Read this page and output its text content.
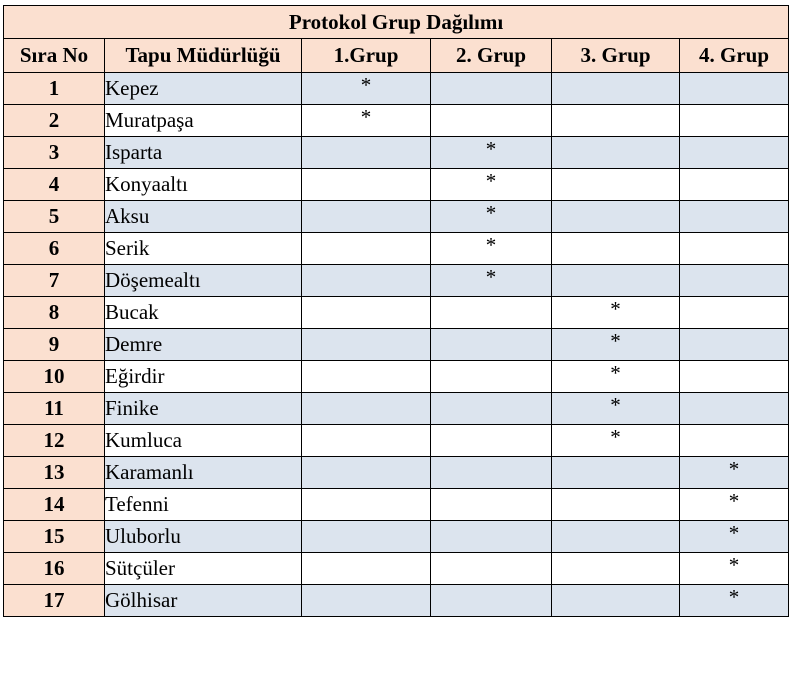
Protokol Grup Dağılımı					
Sıra No	Tapu Müdürlüğü	1.Grup	2. Grup	3. Grup	4. Grup
1	Kepez	*			
2	Muratpaşa	*			
3	Isparta		*		
4	Konyaaltı		*		
5	Aksu		*		
6	Serik		*		
7	Döşemealtı		*		
8	Bucak			*	
9	Demre			*	
10	Eğirdir			*	
11	Finike			*	
12	Kumluca			*	
13	Karamanlı				*
14	Tefenni				*
15	Uluborlu				*
16	Sütçüler				*
17	Gölhisar				*
